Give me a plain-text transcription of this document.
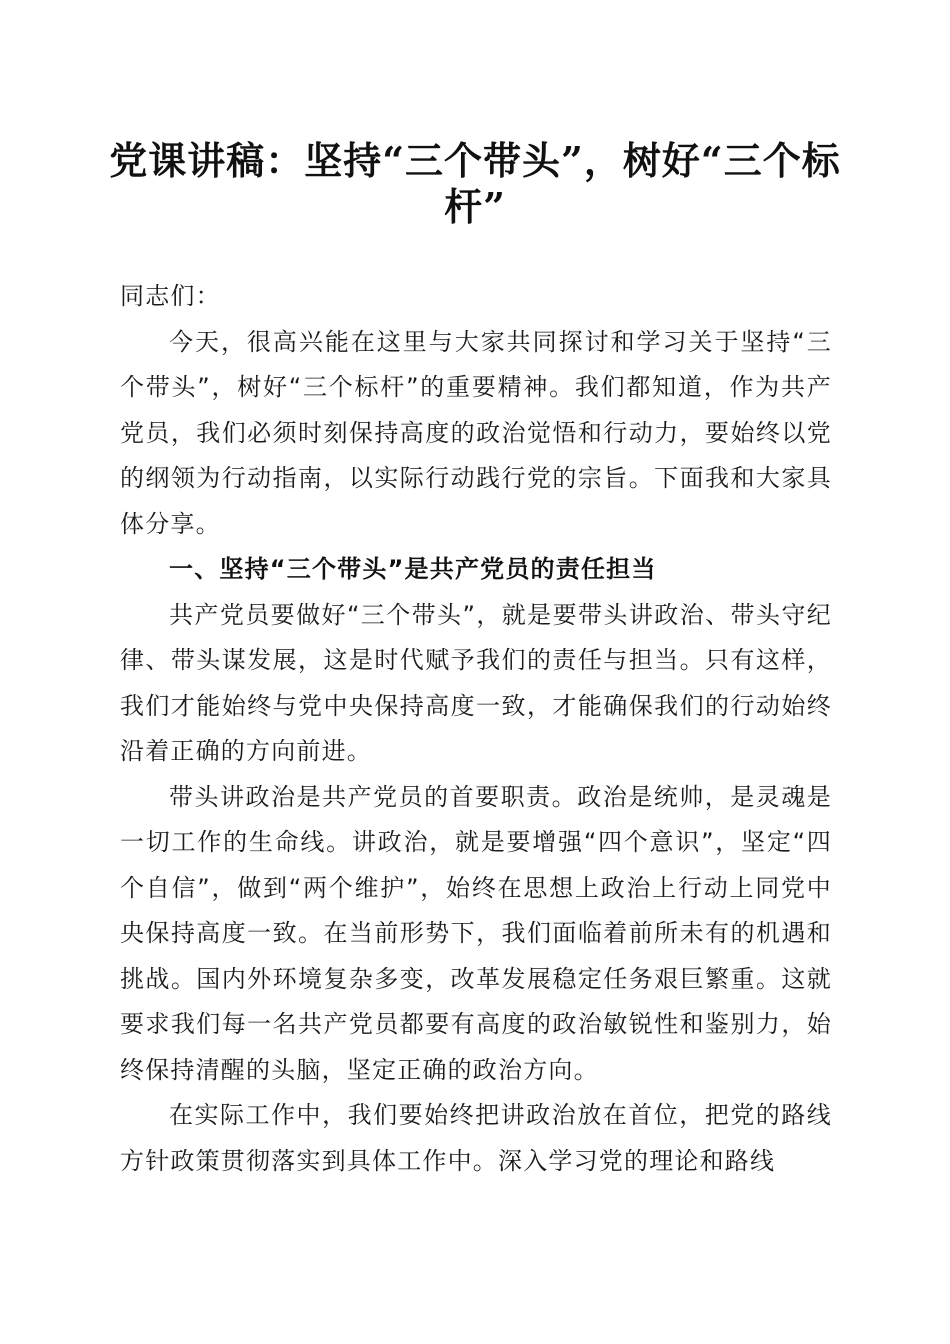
党课讲稿：坚持“三个带头”，树好“三个标杆”

同志们：

今天，很高兴能在这里与大家共同探讨和学习关于坚持“三个带头”，树好“三个标杆”的重要精神。我们都知道，作为共产党员，我们必须时刻保持高度的政治觉悟和行动力，要始终以党的纲领为行动指南，以实际行动践行党的宗旨。下面我和大家具体分享。

一、坚持“三个带头”是共产党员的责任担当

共产党员要做好“三个带头”，就是要带头讲政治、带头守纪律、带头谋发展，这是时代赋予我们的责任与担当。只有这样，我们才能始终与党中央保持高度一致，才能确保我们的行动始终沿着正确的方向前进。

带头讲政治是共产党员的首要职责。政治是统帅，是灵魂是一切工作的生命线。讲政治，就是要增强“四个意识”，坚定“四个自信”，做到“两个维护”，始终在思想上政治上行动上同党中央保持高度一致。在当前形势下，我们面临着前所未有的机遇和挑战。国内外环境复杂多变，改革发展稳定任务艰巨繁重。这就要求我们每一名共产党员都要有高度的政治敏锐性和鉴别力，始终保持清醒的头脑，坚定正确的政治方向。

在实际工作中，我们要始终把讲政治放在首位，把党的路线方针政策贯彻落实到具体工作中。深入学习党的理论和路线
